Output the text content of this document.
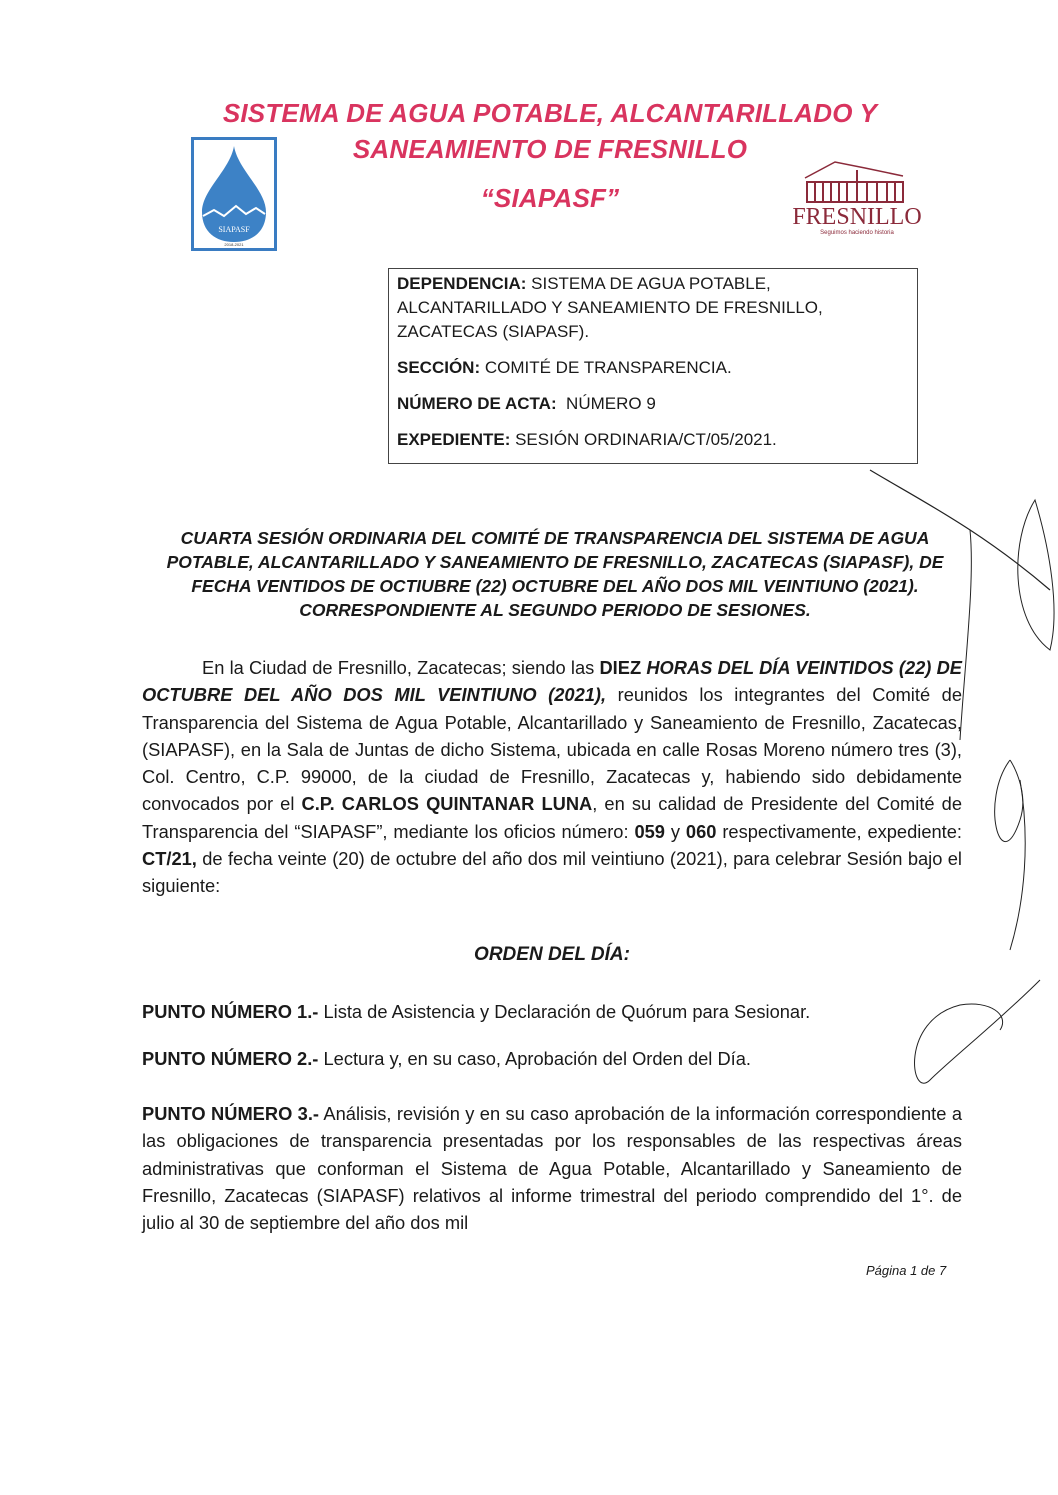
SISTEMA DE AGUA POTABLE, ALCANTARILLADO Y
SANEAMIENTO DE FRESNILLO
“SIAPASF”
SIAPASF
2018-2021
FRESNILLO
Seguimos haciendo historia

DEPENDENCIA: SISTEMA DE AGUA POTABLE, ALCANTARILLADO Y SANEAMIENTO DE FRESNILLO, ZACATECAS (SIAPASF).

SECCIÓN: COMITÉ DE TRANSPARENCIA.

NÚMERO DE ACTA:  NÚMERO 9

EXPEDIENTE: SESIÓN ORDINARIA/CT/05/2021.

CUARTA SESIÓN ORDINARIA DEL COMITÉ DE TRANSPARENCIA DEL SISTEMA DE AGUA POTABLE, ALCANTARILLADO Y SANEAMIENTO DE FRESNILLO, ZACATECAS (SIAPASF), DE FECHA VENTIDOS DE OCTIUBRE (22) OCTUBRE DEL AÑO DOS MIL VEINTIUNO (2021). CORRESPONDIENTE AL SEGUNDO PERIODO DE SESIONES.

En la Ciudad de Fresnillo, Zacatecas; siendo las DIEZ HORAS DEL DÍA VEINTIDOS (22) DE OCTUBRE DEL AÑO DOS MIL VEINTIUNO (2021), reunidos los integrantes del Comité de Transparencia del Sistema de Agua Potable, Alcantarillado y Saneamiento de Fresnillo, Zacatecas, (SIAPASF), en la Sala de Juntas de dicho Sistema, ubicada en calle Rosas Moreno número tres (3), Col. Centro, C.P. 99000, de la ciudad de Fresnillo, Zacatecas y, habiendo sido debidamente convocados por el C.P. CARLOS QUINTANAR LUNA, en su calidad de Presidente del Comité de Transparencia del “SIAPASF”, mediante los oficios número: 059 y 060 respectivamente, expediente: CT/21, de fecha veinte (20) de octubre del año dos mil veintiuno (2021), para celebrar Sesión bajo el siguiente:

ORDEN DEL DÍA:
PUNTO NÚMERO 1.- Lista de Asistencia y Declaración de Quórum para Sesionar.
PUNTO NÚMERO 2.- Lectura y, en su caso, Aprobación del Orden del Día.
PUNTO NÚMERO 3.- Análisis, revisión y en su caso aprobación de la información correspondiente a las obligaciones de transparencia presentadas por los responsables de las respectivas áreas administrativas que conforman el Sistema de Agua Potable, Alcantarillado y Saneamiento de Fresnillo, Zacatecas (SIAPASF) relativos al informe trimestral del periodo comprendido del 1°. de julio al 30 de septiembre del año dos mil
Página 1 de 7
